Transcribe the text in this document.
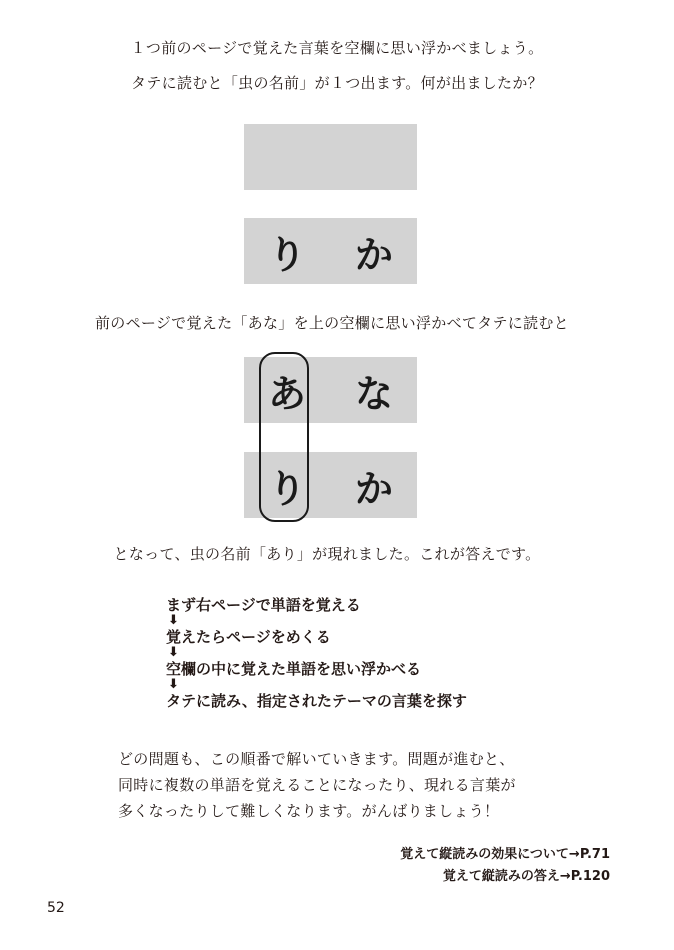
１つ前のページで覚えた言葉を空欄に思い浮かべましょう。
タテに読むと「虫の名前」が１つ出ます。何が出ましたか？
り	か
前のページで覚えた「あな」を上の空欄に思い浮かべてタテに読むと
あ	な
り	か
となって、虫の名前「あり」が現れました。これが答えです。
まず右ページで単語を覚える
⬇
覚えたらページをめくる
⬇
空欄の中に覚えた単語を思い浮かべる
⬇
タテに読み、指定されたテーマの言葉を探す
どの問題も、この順番で解いていきます。問題が進むと、
同時に複数の単語を覚えることになったり、現れる言葉が
多くなったりして難しくなります。がんばりましょう！
覚えて縦読みの効果について→P.71
覚えて縦読みの答え→P.120
52
